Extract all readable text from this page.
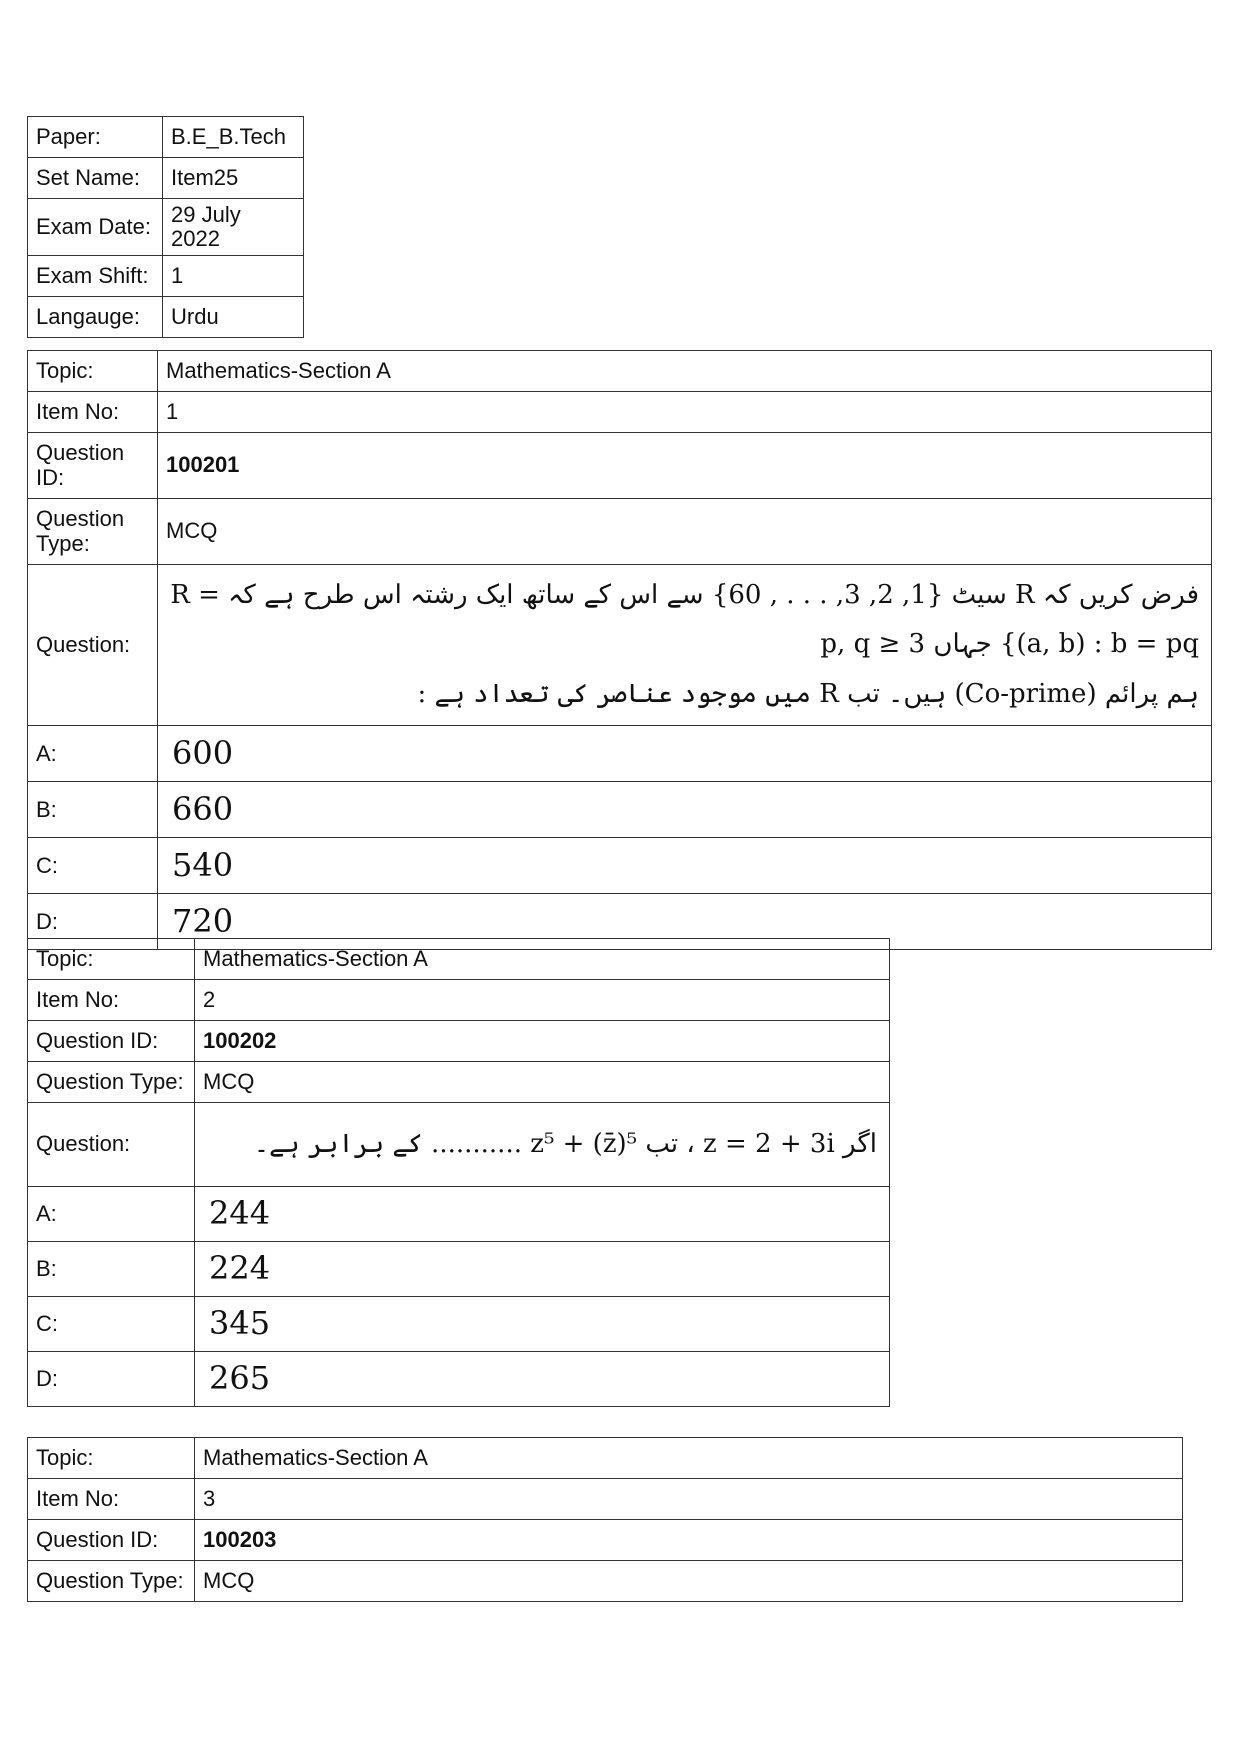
Paper:	B.E_B.Tech
Set Name:	Item25
Exam Date:	29 July 2022
Exam Shift:	1
Langauge:	Urdu
Topic:	Mathematics-Section A
Item No:	1
Question ID:	100201
Question Type:	MCQ
Question:	فرض کریں کہ R سیٹ {1, 2, 3, . . . , 60} سے اس کے ساتھ ایک رشتہ اس طرح ہے کہ R = {(a, b) : b = pq جہاں p, q ≥ 3
ہم پرائم (Co-prime) ہیں۔ تب R میں موجود عناصر کی تعداد ہے :

A:	600
B:	660
C:	540
D:	720
Topic:	Mathematics-Section A
Item No:	2
Question ID:	100202
Question Type:	MCQ
Question:	اگر z = 2 + 3i ، تب z⁵ + (z̄)⁵ ........... کے برابر ہے۔
A:	244
B:	224
C:	345
D:	265
Topic:	Mathematics-Section A
Item No:	3
Question ID:	100203
Question Type:	MCQ
